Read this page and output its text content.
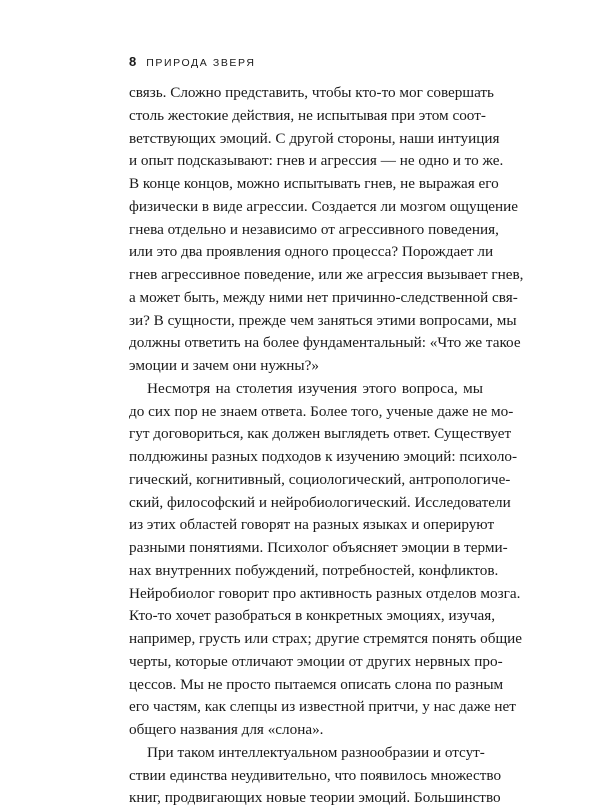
8 ПРИРОДА ЗВЕРЯ
связь. Сложно представить, чтобы кто-то мог совершать
столь жестокие действия, не испытывая при этом соот-
ветствующих эмоций. С другой стороны, наши интуиция
и опыт подсказывают: гнев и агрессия — не одно и то же.
В конце концов, можно испытывать гнев, не выражая его
физически в виде агрессии. Создается ли мозгом ощущение
гнева отдельно и независимо от агрессивного поведения,
или это два проявления одного процесса? Порождает ли
гнев агрессивное поведение, или же агрессия вызывает гнев,
а может быть, между ними нет причинно-следственной свя-
зи? В сущности, прежде чем заняться этими вопросами, мы
должны ответить на более фундаментальный: «Что же такое
эмоции и зачем они нужны?»
Несмотря на столетия изучения этого вопроса, мы
до сих пор не знаем ответа. Более того, ученые даже не мо-
гут договориться, как должен выглядеть ответ. Существует
полдюжины разных подходов к изучению эмоций: психоло-
гический, когнитивный, социологический, антропологиче-
ский, философский и нейробиологический. Исследователи
из этих областей говорят на разных языках и оперируют
разными понятиями. Психолог объясняет эмоции в терми-
нах внутренних побуждений, потребностей, конфликтов.
Нейробиолог говорит про активность разных отделов мозга.
Кто-то хочет разобраться в конкретных эмоциях, изучая,
например, грусть или страх; другие стремятся понять общие
черты, которые отличают эмоции от других нервных про-
цессов. Мы не просто пытаемся описать слона по разным
его частям, как слепцы из известной притчи, у нас даже нет
общего названия для «слона».
При таком интеллектуальном разнообразии и отсут-
ствии единства неудивительно, что появилось множество
книг, продвигающих новые теории эмоций. Большинство
